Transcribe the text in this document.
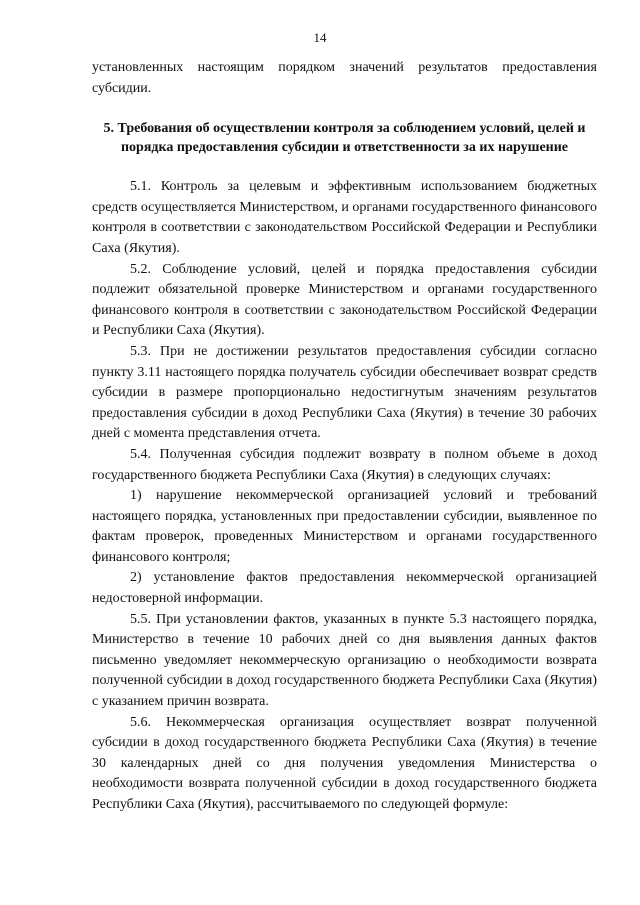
14

установленных настоящим порядком значений результатов предоставления субсидии.

5. Требования об осуществлении контроля за соблюдением условий, целей и порядка предоставления субсидии и ответственности за их нарушение

5.1. Контроль за целевым и эффективным использованием бюджетных средств осуществляется Министерством, и органами государственного финансового контроля в соответствии с законодательством Российской Федерации и Республики Саха (Якутия).

5.2. Соблюдение условий, целей и порядка предоставления субсидии подлежит обязательной проверке Министерством и органами государственного финансового контроля в соответствии с законодательством Российской Федерации и Республики Саха (Якутия).

5.3. При не достижении результатов предоставления субсидии согласно пункту 3.11 настоящего порядка получатель субсидии обеспечивает возврат средств субсидии в размере пропорционально недостигнутым значениям результатов предоставления субсидии в доход Республики Саха (Якутия) в течение 30 рабочих дней с момента представления отчета.

5.4. Полученная субсидия подлежит возврату в полном объеме в доход государственного бюджета Республики Саха (Якутия) в следующих случаях:

1) нарушение некоммерческой организацией условий и требований настоящего порядка, установленных при предоставлении субсидии, выявленное по фактам проверок, проведенных Министерством и органами государственного финансового контроля;

2) установление фактов предоставления некоммерческой организацией недостоверной информации.

5.5. При установлении фактов, указанных в пункте 5.3 настоящего порядка, Министерство в течение 10 рабочих дней со дня выявления данных фактов письменно уведомляет некоммерческую организацию о необходимости возврата полученной субсидии в доход государственного бюджета Республики Саха (Якутия) с указанием причин возврата.

5.6. Некоммерческая организация осуществляет возврат полученной субсидии в доход государственного бюджета Республики Саха (Якутия) в течение 30 календарных дней со дня получения уведомления Министерства о необходимости возврата полученной субсидии в доход государственного бюджета Республики Саха (Якутия), рассчитываемого по следующей формуле:
